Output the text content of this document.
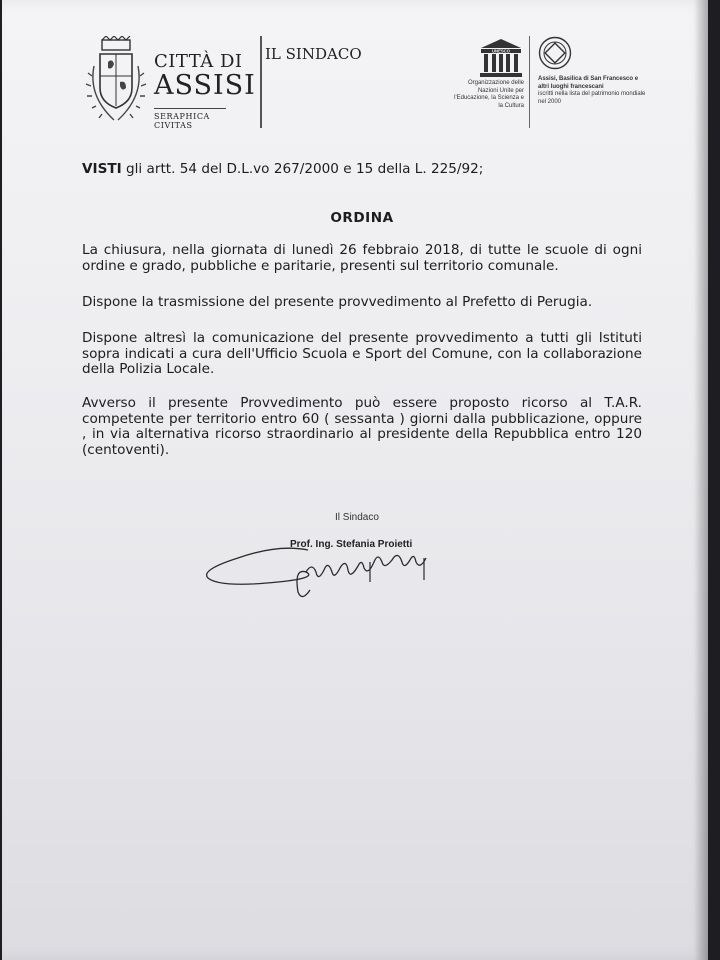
CITTÀ DI
ASSISI
SERAPHICA CIVITAS
IL SINDACO	UNESCO
Organizzazione delle Nazioni Unite per l'Educazione, la Scienza e la Cultura
Assisi, Basilica di San Francesco e altri luoghi francescani
iscritti nella lista del patrimonio mondiale nel 2000
VISTI gli artt. 54 del D.L.vo 267/2000 e 15 della L. 225/92;
ORDINA
La chiusura, nella giornata di lunedì 26 febbraio 2018, di tutte le scuole di ogni ordine e grado, pubbliche e paritarie, presenti sul territorio comunale.
Dispone la trasmissione del presente provvedimento al Prefetto di Perugia.
Dispone altresì la comunicazione del presente provvedimento a tutti gli Istituti sopra indicati a cura dell'Ufficio Scuola e Sport del Comune, con la collaborazione della Polizia Locale.
Avverso il presente Provvedimento può essere proposto ricorso al T.A.R. competente per territorio entro 60 ( sessanta ) giorni dalla pubblicazione, oppure , in via alternativa ricorso straordinario al presidente della Repubblica entro 120 (centoventi).
Il Sindaco
Prof. Ing. Stefania Proietti
